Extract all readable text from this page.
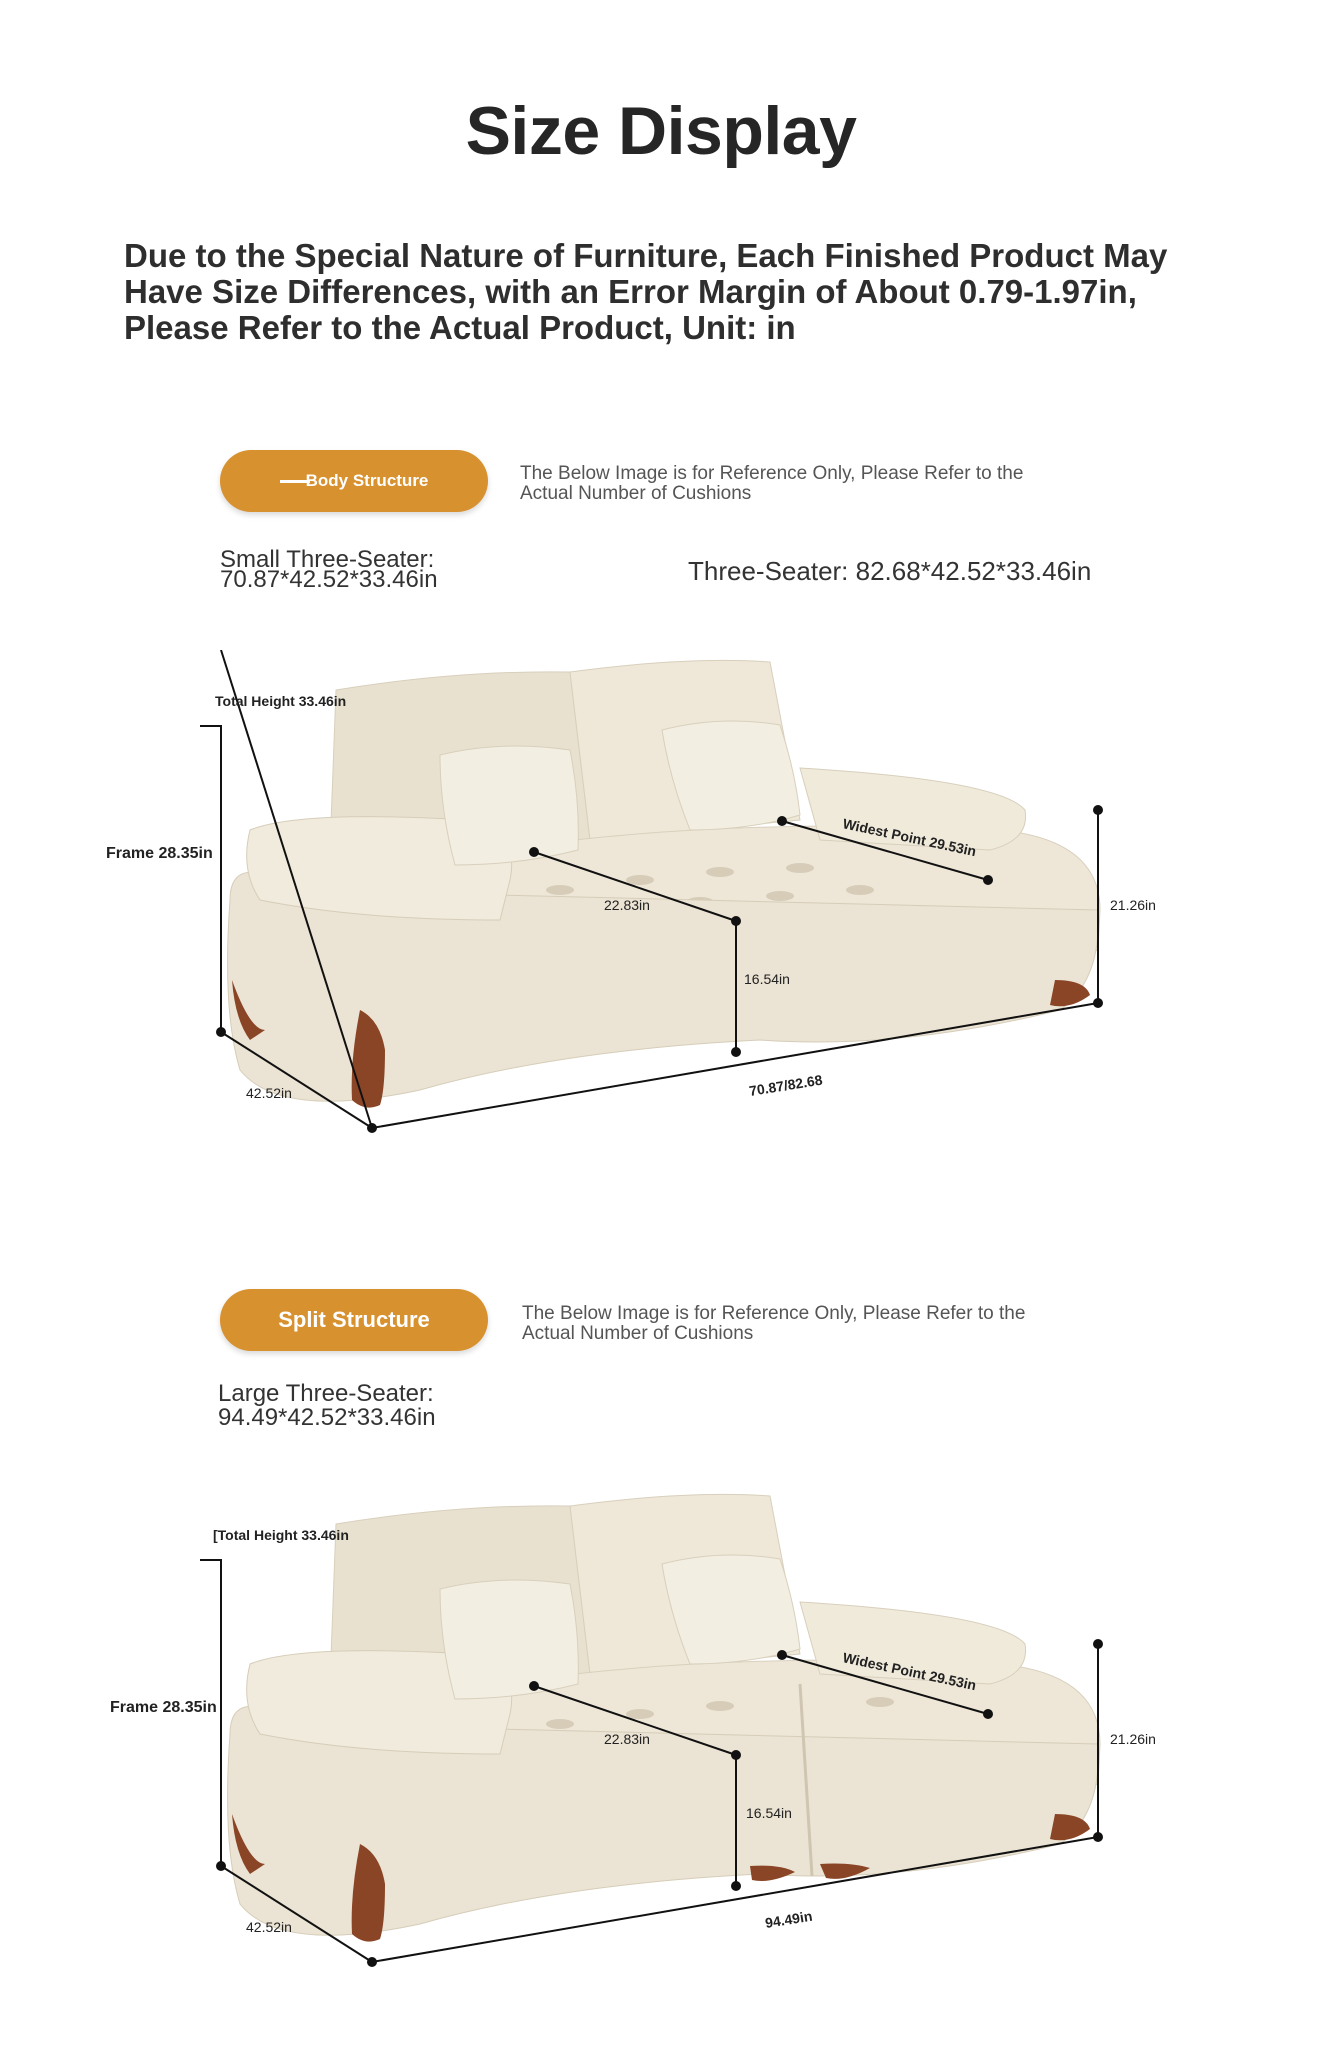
Size Display
Due to the Special Nature of Furniture, Each Finished Product May Have Size Differences, with an Error Margin of About 0.79-1.97in, Please Refer to the Actual Product, Unit: in
Body Structure	The Below Image is for Reference Only, Please Refer to the Actual Number of Cushions
Small Three-Seater:
70.87*42.52*33.46in	Three-Seater: 82.68*42.52*33.46in
Total Height 33.46in
Frame 28.35in	Widest Point 29.53in
22.83in
16.54in
21.26in
42.52in	70.87/82.68
Split Structure	The Below Image is for Reference Only, Please Refer to the Actual Number of Cushions
Large Three-Seater:
94.49*42.52*33.46in
[Total Height 33.46in
Frame 28.35in
Widest Point 29.53in
22.83in
16.54in
21.26in
42.52in	94.49in
